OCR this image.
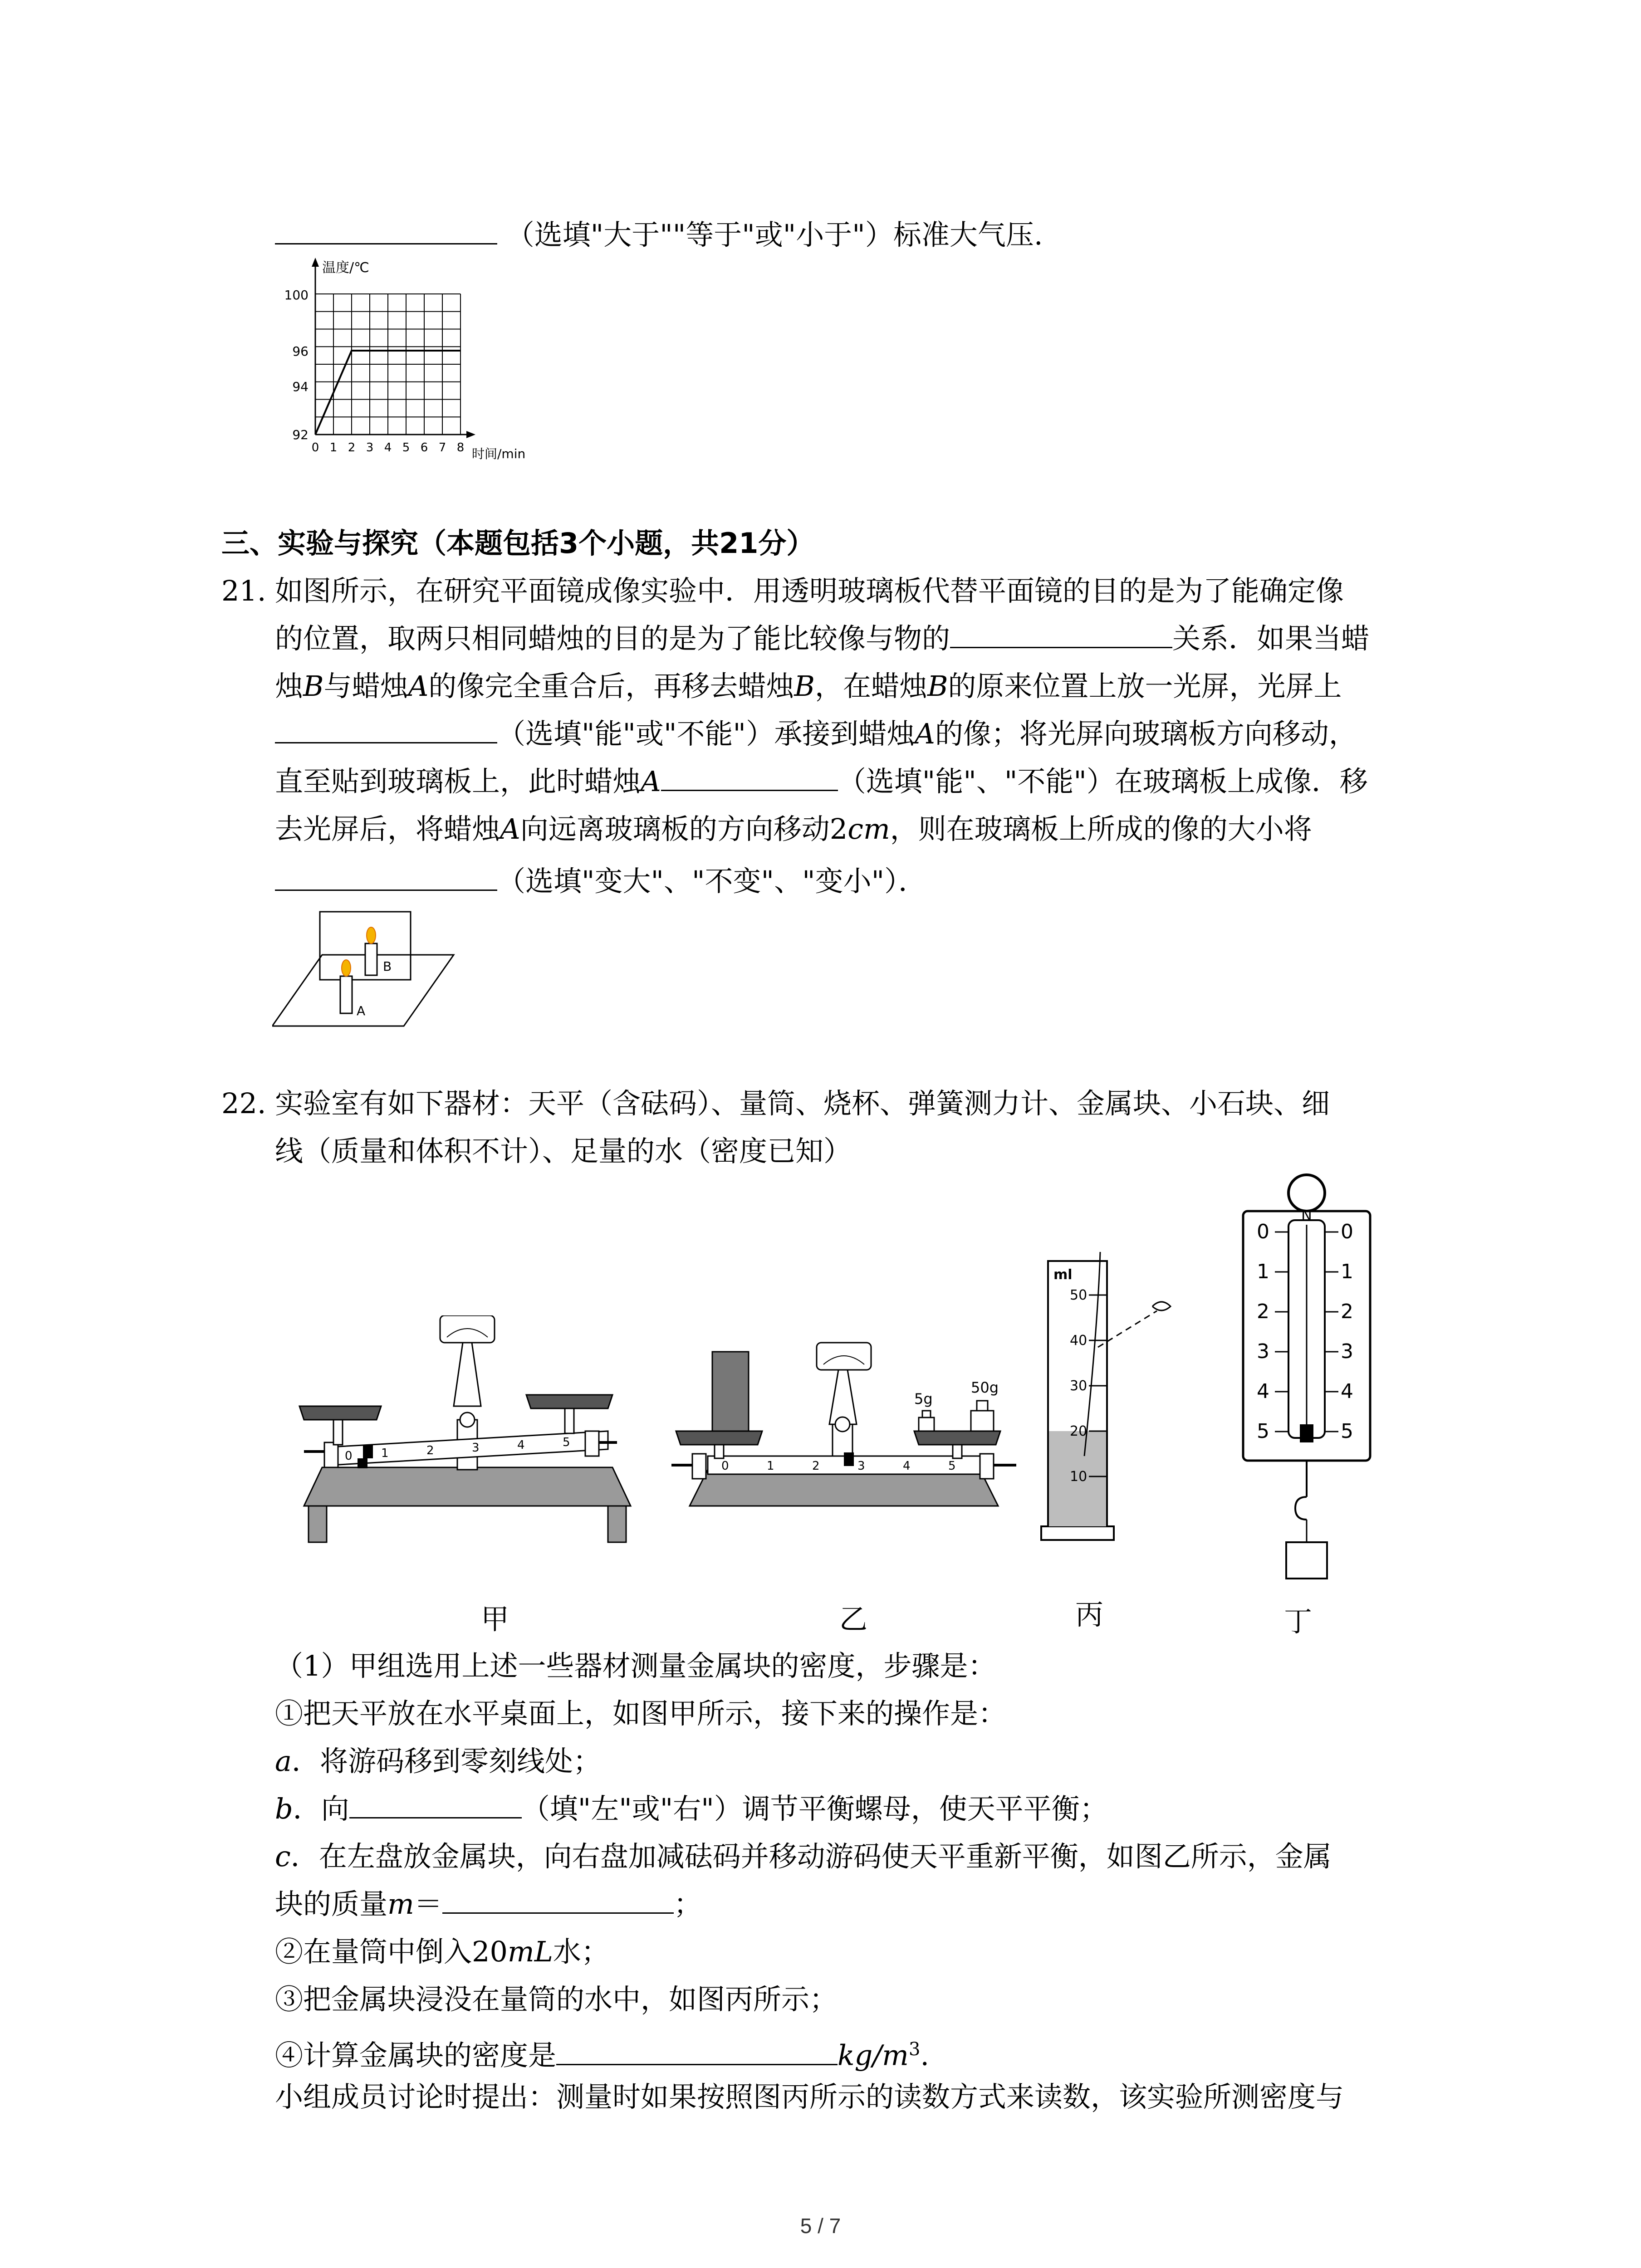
（选填"大于""等于"或"小于"）标准大气压.
温度/℃
时间/min
100
96
94
92
0 1 2 3 4 5 6 7 8
三、实验与探究（本题包括3个小题，共21分）
21. 如图所示，在研究平面镜成像实验中．用透明玻璃板代替平面镜的目的是为了能确定像
的位置，取两只相同蜡烛的目的是为了能比较像与物的	关系．如果当蜡
烛B与蜡烛A的像完全重合后，再移去蜡烛B，在蜡烛B的原来位置上放一光屏，光屏上
（选填"能"或"不能"）承接到蜡烛A的像；将光屏向玻璃板方向移动，
直至贴到玻璃板上，此时蜡烛A	（选填"能"、"不能"）在玻璃板上成像．移
去光屏后，将蜡烛A向远离玻璃板的方向移动2cm，则在玻璃板上所成的像的大小将
（选填"变大"、"不变"、"变小"）．
B
A
22. 实验室有如下器材：天平（含砝码）、量筒、烧杯、弹簧测力计、金属块、小石块、细
线（质量和体积不计）、足量的水（密度已知）
0 1	2	3	4	5
甲
0	1	2	3	4	5
5g
50g
乙
ml
50
40
30
20
10
丙
N
0	0
1	1
2	2
3	3
4	4
5	5
丁
（1）甲组选用上述一些器材测量金属块的密度，步骤是：
①把天平放在水平桌面上，如图甲所示，接下来的操作是：
a．将游码移到零刻线处；
b．向	（填"左"或"右"）调节平衡螺母，使天平平衡；
c．在左盘放金属块，向右盘加减砝码并移动游码使天平重新平衡，如图乙所示，金属
块的质量m＝	；
②在量筒中倒入20mL水；
③把金属块浸没在量筒的水中，如图丙所示；
④计算金属块的密度是	$kg/m^3$.
小组成员讨论时提出：测量时如果按照图丙所示的读数方式来读数，该实验所测密度与
5 / 7
